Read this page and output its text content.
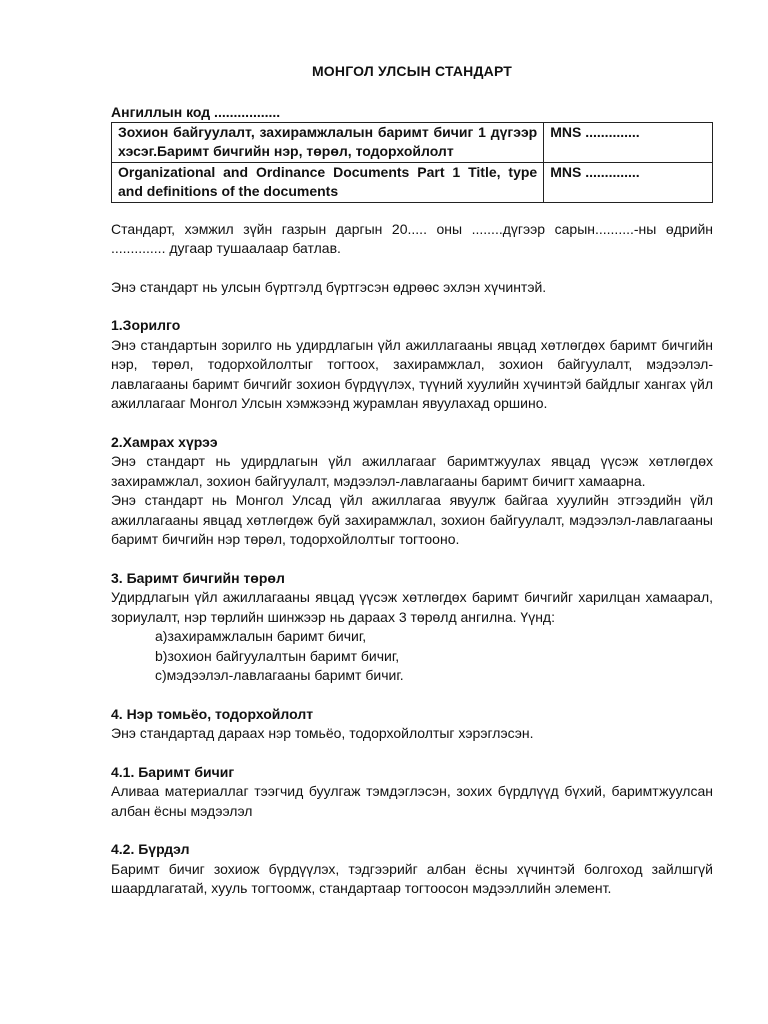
МОНГОЛ УЛСЫН СТАНДАРТ
Ангиллын код .................
Зохион байгуулалт, захирамжлалын баримт бичиг 1 дүгээр хэсэг.Баримт бичгийн нэр, төрөл, тодорхойлолт	MNS ..............
Organizational and Ordinance Documents Part 1 Title, type and definitions of the documents	MNS ..............

Стандарт, хэмжил зүйн газрын даргын 20..... оны ........дүгээр сарын..........-ны өдрийн .............. дугаар тушаалаар батлав.

Энэ стандарт нь улсын бүртгэлд бүртгэсэн өдрөөс эхлэн хүчинтэй.

1.Зорилго

Энэ стандартын зорилго нь удирдлагын үйл ажиллагааны явцад хөтлөгдөх баримт бичгийн нэр, төрөл, тодорхойлолтыг тогтоох, захирамжлал, зохион байгуулалт, мэдээлэл- лавлагааны баримт бичгийг зохион бүрдүүлэх, түүний хуулийн хүчинтэй байдлыг хангах үйл ажиллагааг Монгол Улсын хэмжээнд журамлан явуулахад оршино.

2.Хамрах хүрээ

Энэ стандарт нь удирдлагын үйл ажиллагааг баримтжуулах явцад үүсэж хөтлөгдөх захирамжлал, зохион байгуулалт, мэдээлэл-лавлагааны баримт бичигт хамаарна.

Энэ стандарт нь Монгол Улсад үйл ажиллагаа явуулж байгаа хуулийн этгээдийн үйл ажиллагааны явцад хөтлөгдөж буй захирамжлал, зохион байгуулалт, мэдээлэл-лавлагааны баримт бичгийн нэр төрөл, тодорхойлолтыг тогтооно.

3. Баримт бичгийн төрөл

Удирдлагын үйл ажиллагааны явцад үүсэж хөтлөгдөх баримт бичгийг харилцан хамаарал, зориулалт, нэр төрлийн шинжээр нь дараах 3 төрөлд ангилна. Үүнд:

a)захирамжлалын баримт бичиг,
b)зохион байгуулалтын баримт бичиг,
c)мэдээлэл-лавлагааны баримт бичиг.
4. Нэр томьёо, тодорхойлолт

Энэ стандартад дараах нэр томьёо, тодорхойлолтыг хэрэглэсэн.

4.1. Баримт бичиг

Аливаа материаллаг тээгчид буулгаж тэмдэглэсэн, зохих бүрдлүүд бүхий, баримтжуулсан албан ёсны мэдээлэл

4.2. Бүрдэл

Баримт бичиг зохиож бүрдүүлэх, тэдгээрийг албан ёсны хүчинтэй болгоход зайлшгүй шаардлагатай, хууль тогтоомж, стандартаар тогтоосон мэдээллийн элемент.
